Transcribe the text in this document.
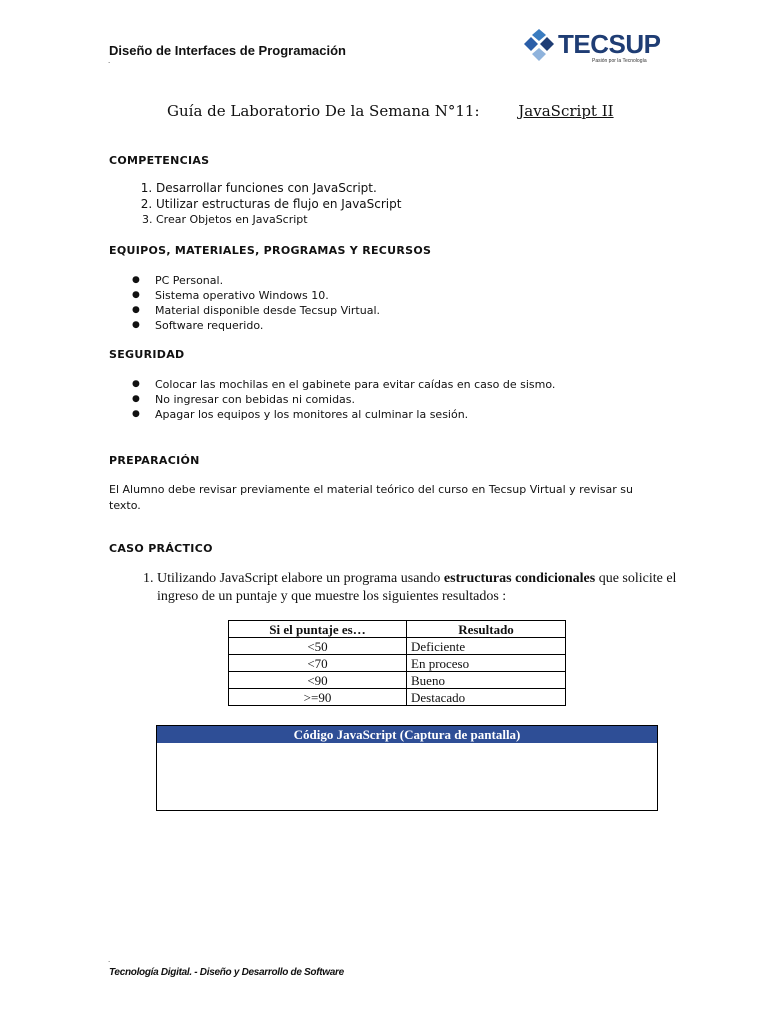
Diseño de Interfaces de Programación
.
TECSUP
Pasión por la Tecnología
Guía de Laboratorio De la Semana N°11:	JavaScript II
COMPETENCIAS
1. Desarrollar funciones con JavaScript.
2. Utilizar estructuras de flujo en JavaScript
3. Crear Objetos en JavaScript
EQUIPOS, MATERIALES, PROGRAMAS Y RECURSOS
● PC Personal.
● Sistema operativo Windows 10.
● Material disponible desde Tecsup Virtual.
● Software requerido.
SEGURIDAD
● Colocar las mochilas en el gabinete para evitar caídas en caso de sismo.
● No ingresar con bebidas ni comidas.
● Apagar los equipos y los monitores al culminar la sesión.
PREPARACIÓN
El Alumno debe revisar previamente el material teórico del curso en Tecsup Virtual y revisar su texto.
CASO PRÁCTICO
1. Utilizando JavaScript elabore un programa usando estructuras condicionales que solicite el ingreso de un puntaje y que muestre los siguientes resultados :
Si el puntaje es…	Resultado
<50	Deficiente
<70	En proceso
<90	Bueno
>=90	Destacado
Código JavaScript (Captura de pantalla)
.
Tecnología Digital. - Diseño y Desarrollo de Software
